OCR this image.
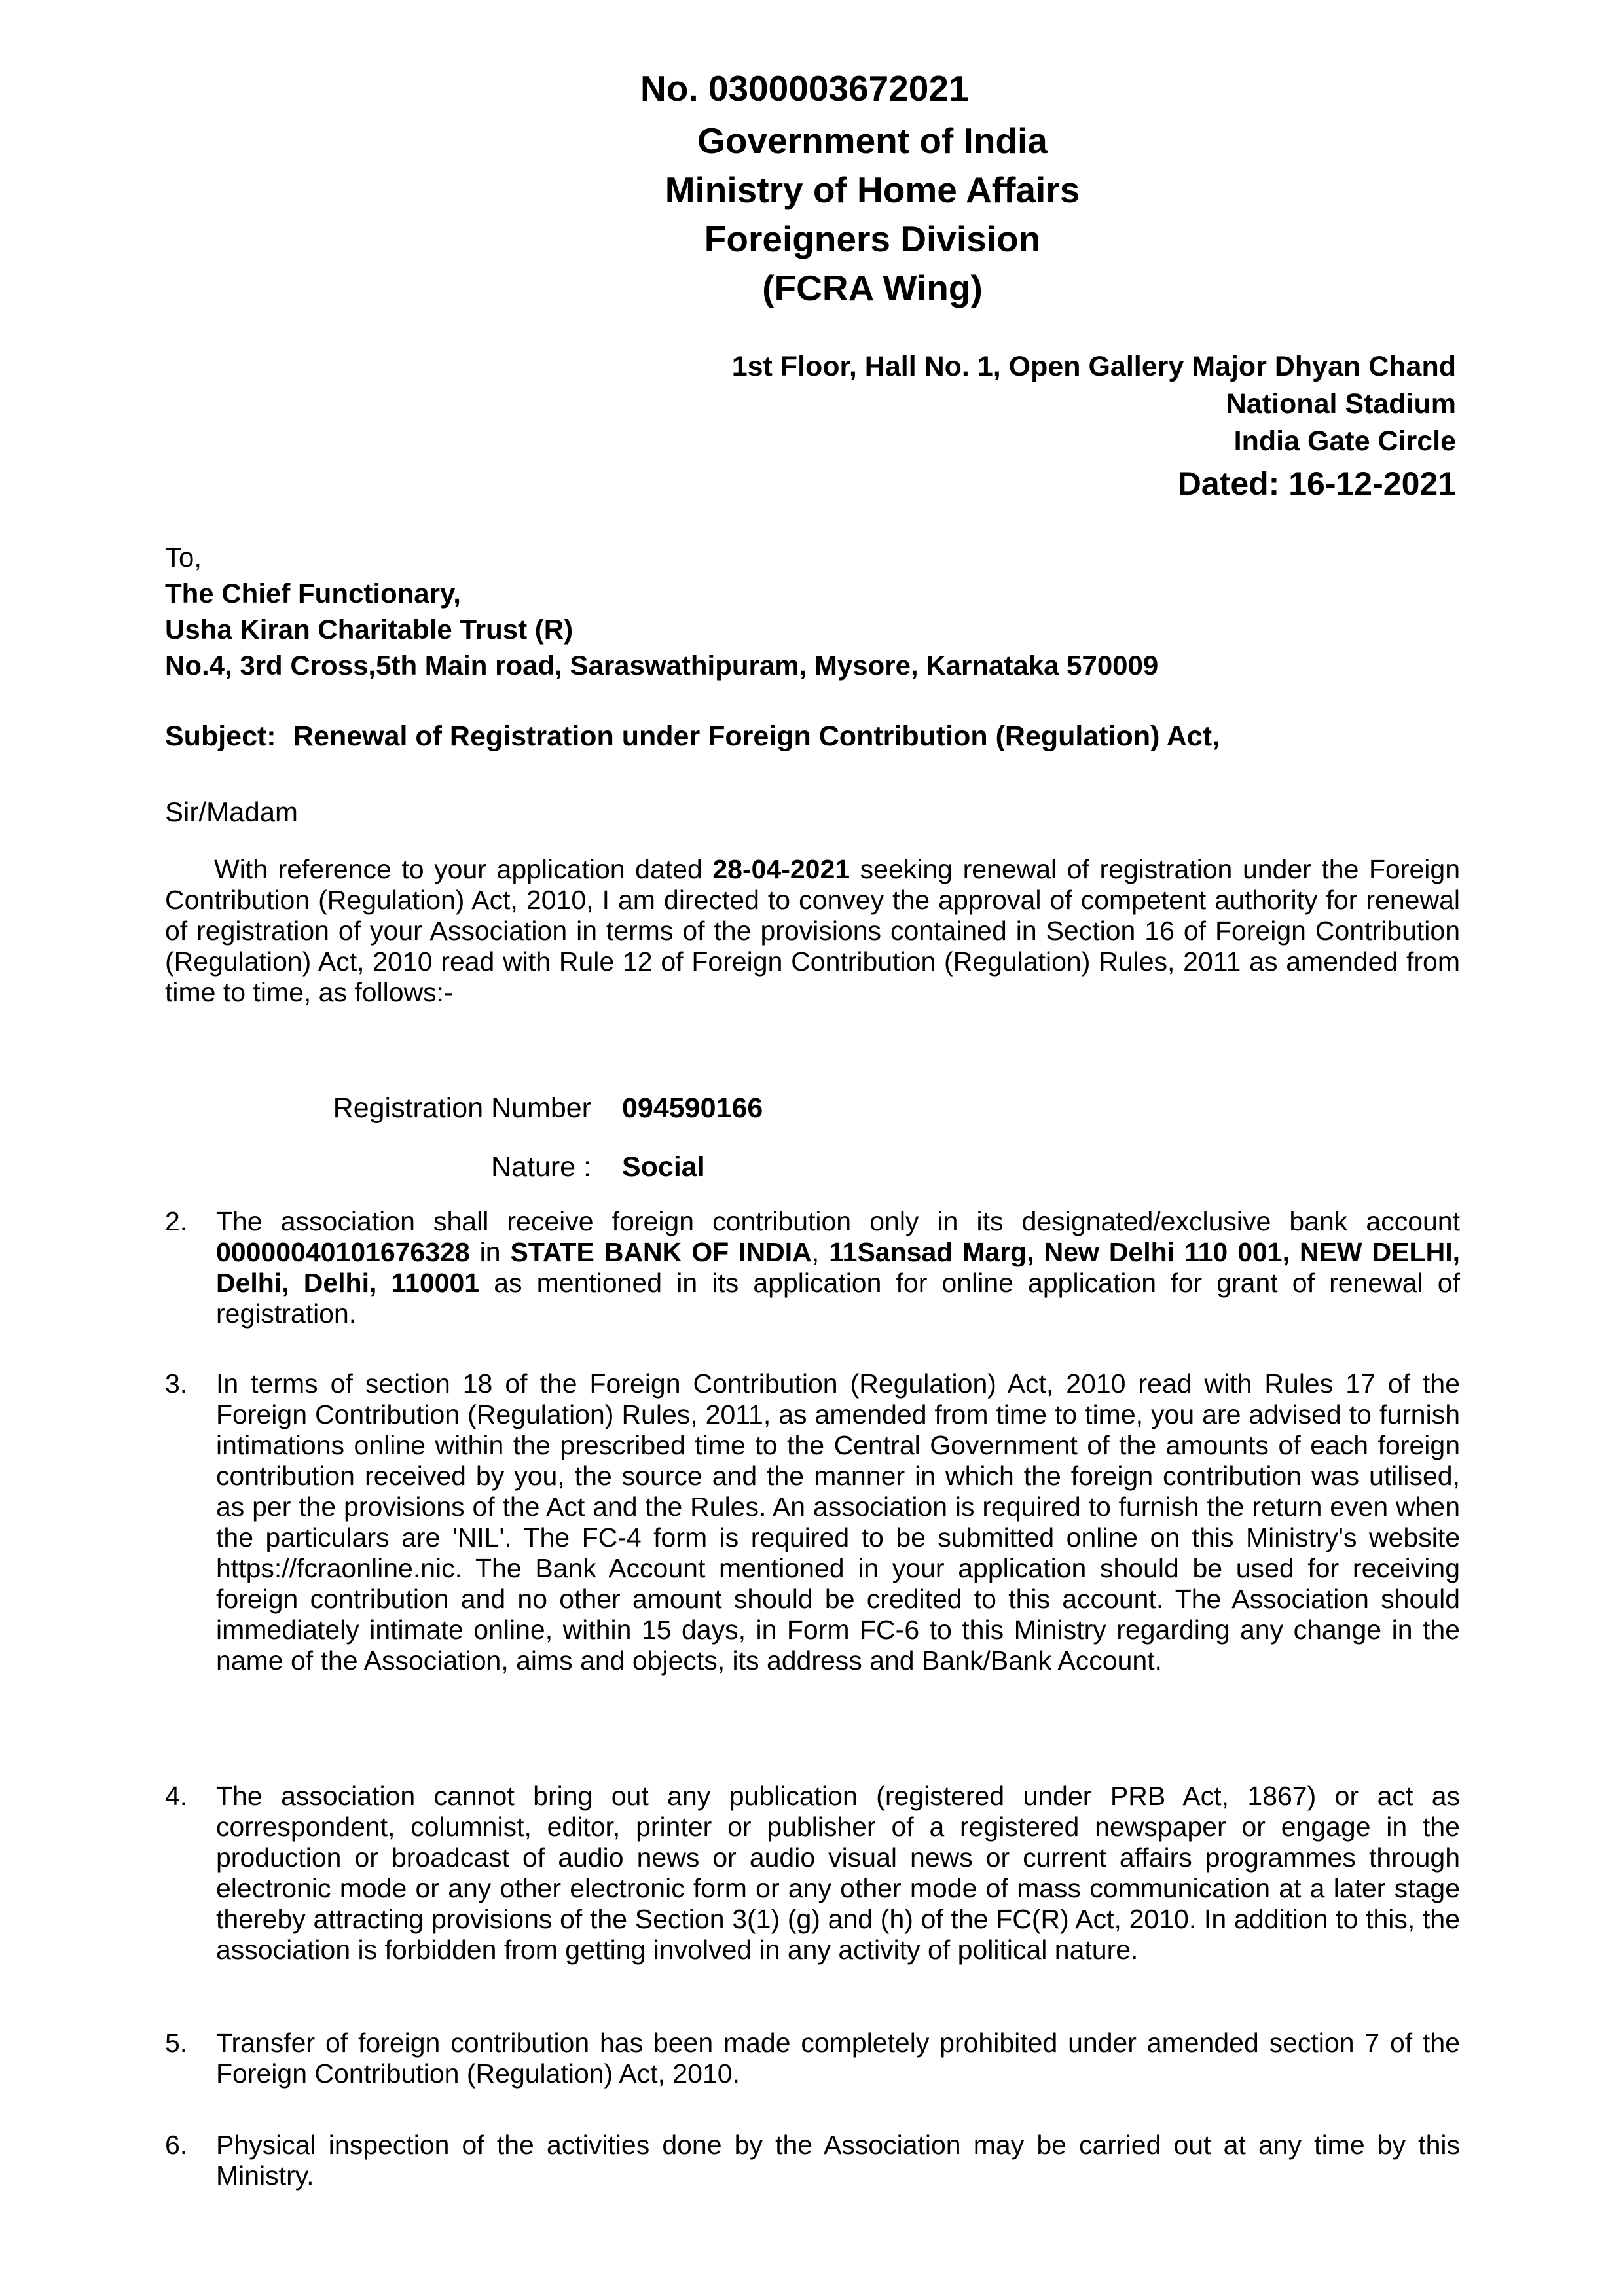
No. 0300003672021
Government of India
Ministry of Home Affairs
Foreigners Division
(FCRA Wing)
1st Floor, Hall No. 1, Open Gallery Major Dhyan Chand
National Stadium
India Gate Circle
Dated: 16-12-2021
To,
The Chief Functionary,
Usha Kiran Charitable Trust (R)
No.4, 3rd Cross,5th Main road, Saraswathipuram, Mysore, Karnataka 570009
Subject: Renewal of Registration under Foreign Contribution (Regulation) Act,
Sir/Madam

With reference to your application dated 28-04-2021 seeking renewal of registration under the Foreign Contribution (Regulation) Act, 2010, I am directed to convey the approval of competent authority for renewal of registration of your Association in terms of the provisions contained in Section 16 of Foreign Contribution (Regulation) Act, 2010 read with Rule 12 of Foreign Contribution (Regulation) Rules, 2011 as amended from time to time, as follows:-

Registration Number 094590166
Nature : Social
2.	The association shall receive foreign contribution only in its designated/exclusive bank account 00000040101676328 in STATE BANK OF INDIA, 11Sansad Marg, New Delhi 110 001, NEW DELHI, Delhi, Delhi, 110001 as mentioned in its application for online application for grant of renewal of registration.
3.	In terms of section 18 of the Foreign Contribution (Regulation) Act, 2010 read with Rules 17 of the Foreign Contribution (Regulation) Rules, 2011, as amended from time to time, you are advised to furnish intimations online within the prescribed time to the Central Government of the amounts of each foreign contribution received by you, the source and the manner in which the foreign contribution was utilised, as per the provisions of the Act and the Rules. An association is required to furnish the return even when the particulars are 'NIL'. The FC-4 form is required to be submitted online on this Ministry's website https://fcraonline.nic. The Bank Account mentioned in your application should be used for receiving foreign contribution and no other amount should be credited to this account. The Association should immediately intimate online, within 15 days, in Form FC-6 to this Ministry regarding any change in the name of the Association, aims and objects, its address and Bank/Bank Account.
4.	The association cannot bring out any publication (registered under PRB Act, 1867) or act as correspondent, columnist, editor, printer or publisher of a registered newspaper or engage in the production or broadcast of audio news or audio visual news or current affairs programmes through electronic mode or any other electronic form or any other mode of mass communication at a later stage thereby attracting provisions of the Section 3(1) (g) and (h) of the FC(R) Act, 2010. In addition to this, the association is forbidden from getting involved in any activity of political nature.
5.	Transfer of foreign contribution has been made completely prohibited under amended section 7 of the Foreign Contribution (Regulation) Act, 2010.
6.	Physical inspection of the activities done by the Association may be carried out at any time by this Ministry.
